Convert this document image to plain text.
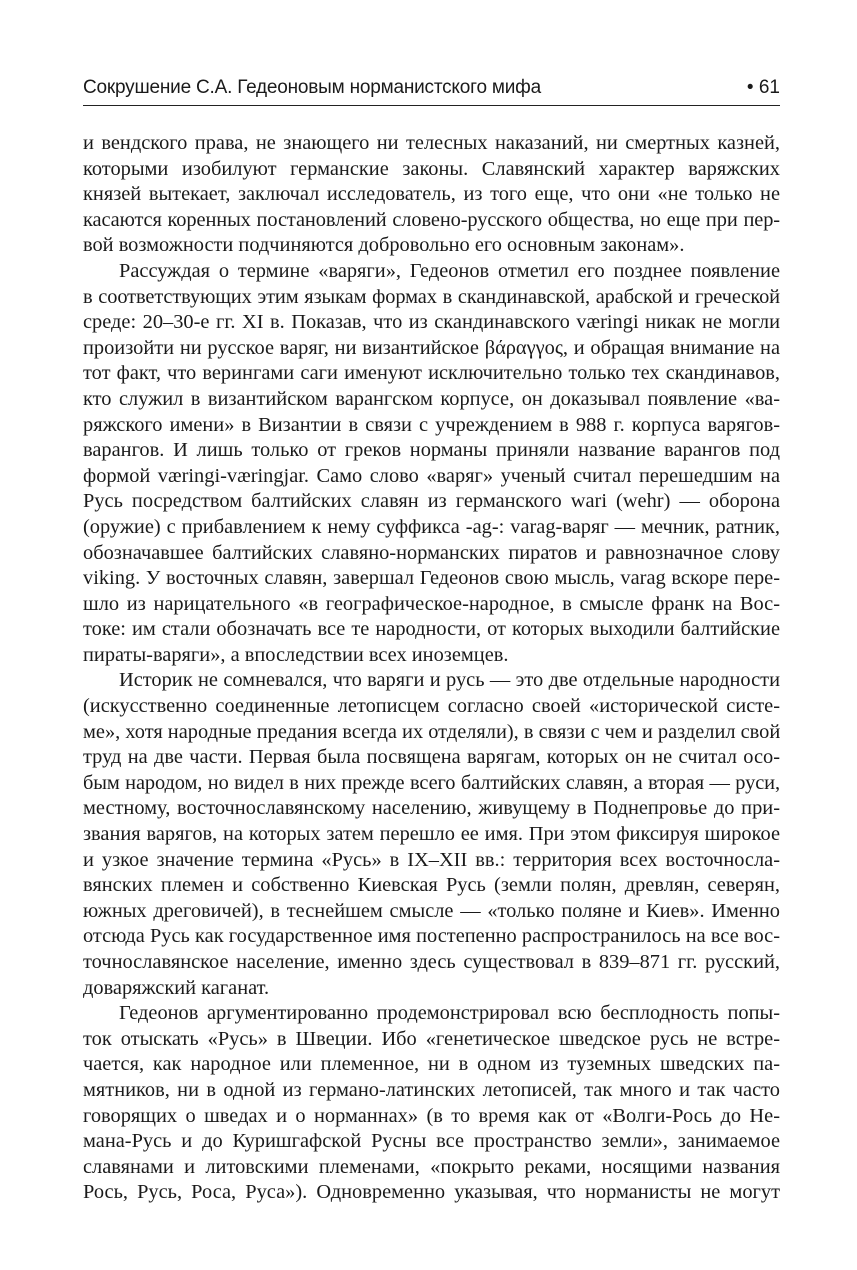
Сокрушение С.А. Гедеоновым норманистского мифа	• 61
и вендского права, не знающего ни телесных наказаний, ни смертных казней,
которыми изобилуют германские законы. Славянский характер варяжских
князей вытекает, заключал исследователь, из того еще, что они «не только не
касаются коренных постановлений словено-русского общества, но еще при пер-
вой возможности подчиняются добровольно его основным законам».
Рассуждая о термине «варяги», Гедеонов отметил его позднее появление
в соответствующих этим языкам формах в скандинавской, арабской и греческой
среде: 20–30-е гг. XI в. Показав, что из скандинавского væringi никак не могли
произойти ни русское варяг, ни византийское βάραγγος, и обращая внимание на
тот факт, что верингами саги именуют исключительно только тех скандинавов,
кто служил в византийском варангском корпусе, он доказывал появление «ва-
ряжского имени» в Византии в связи с учреждением в 988 г. корпуса варягов-
варангов. И лишь только от греков норманы приняли название варангов под
формой væringi-væringjar. Само слово «варяг» ученый считал перешедшим на
Русь посредством балтийских славян из германского wari (wehr) — оборона
(оружие) с прибавлением к нему суффикса -ag-: varag-варяг — мечник, ратник,
обозначавшее балтийских славяно-норманских пиратов и равнозначное слову
viking. У восточных славян, завершал Гедеонов свою мысль, varag вскоре пере-
шло из нарицательного «в географическое-народное, в смысле франк на Вос-
токе: им стали обозначать все те народности, от которых выходили балтийские
пираты-варяги», а впоследствии всех иноземцев.
Историк не сомневался, что варяги и русь — это две отдельные народности
(искусственно соединенные летописцем согласно своей «исторической систе-
ме», хотя народные предания всегда их отделяли), в связи с чем и разделил свой
труд на две части. Первая была посвящена варягам, которых он не считал осо-
бым народом, но видел в них прежде всего балтийских славян, а вторая — руси,
местному, восточнославянскому населению, живущему в Поднепровье до при-
звания варягов, на которых затем перешло ее имя. При этом фиксируя широкое
и узкое значение термина «Русь» в IX–XII вв.: территория всех восточносла-
вянских племен и собственно Киевская Русь (земли полян, древлян, северян,
южных дреговичей), в теснейшем смысле — «только поляне и Киев». Именно
отсюда Русь как государственное имя постепенно распространилось на все вос-
точнославянское население, именно здесь существовал в 839–871 гг. русский,
доваряжский каганат.
Гедеонов аргументированно продемонстрировал всю бесплодность попы-
ток отыскать «Русь» в Швеции. Ибо «генетическое шведское русь не встре-
чается, как народное или племенное, ни в одном из туземных шведских па-
мятников, ни в одной из германо-латинских летописей, так много и так часто
говорящих о шведах и о норманнах» (в то время как от «Волги-Рось до Не-
мана-Русь и до Куришгафской Русны все пространство земли», занимаемое
славянами и литовскими племенами, «покрыто реками, носящими названия
Рось, Русь, Роса, Руса»). Одновременно указывая, что норманисты не могут
